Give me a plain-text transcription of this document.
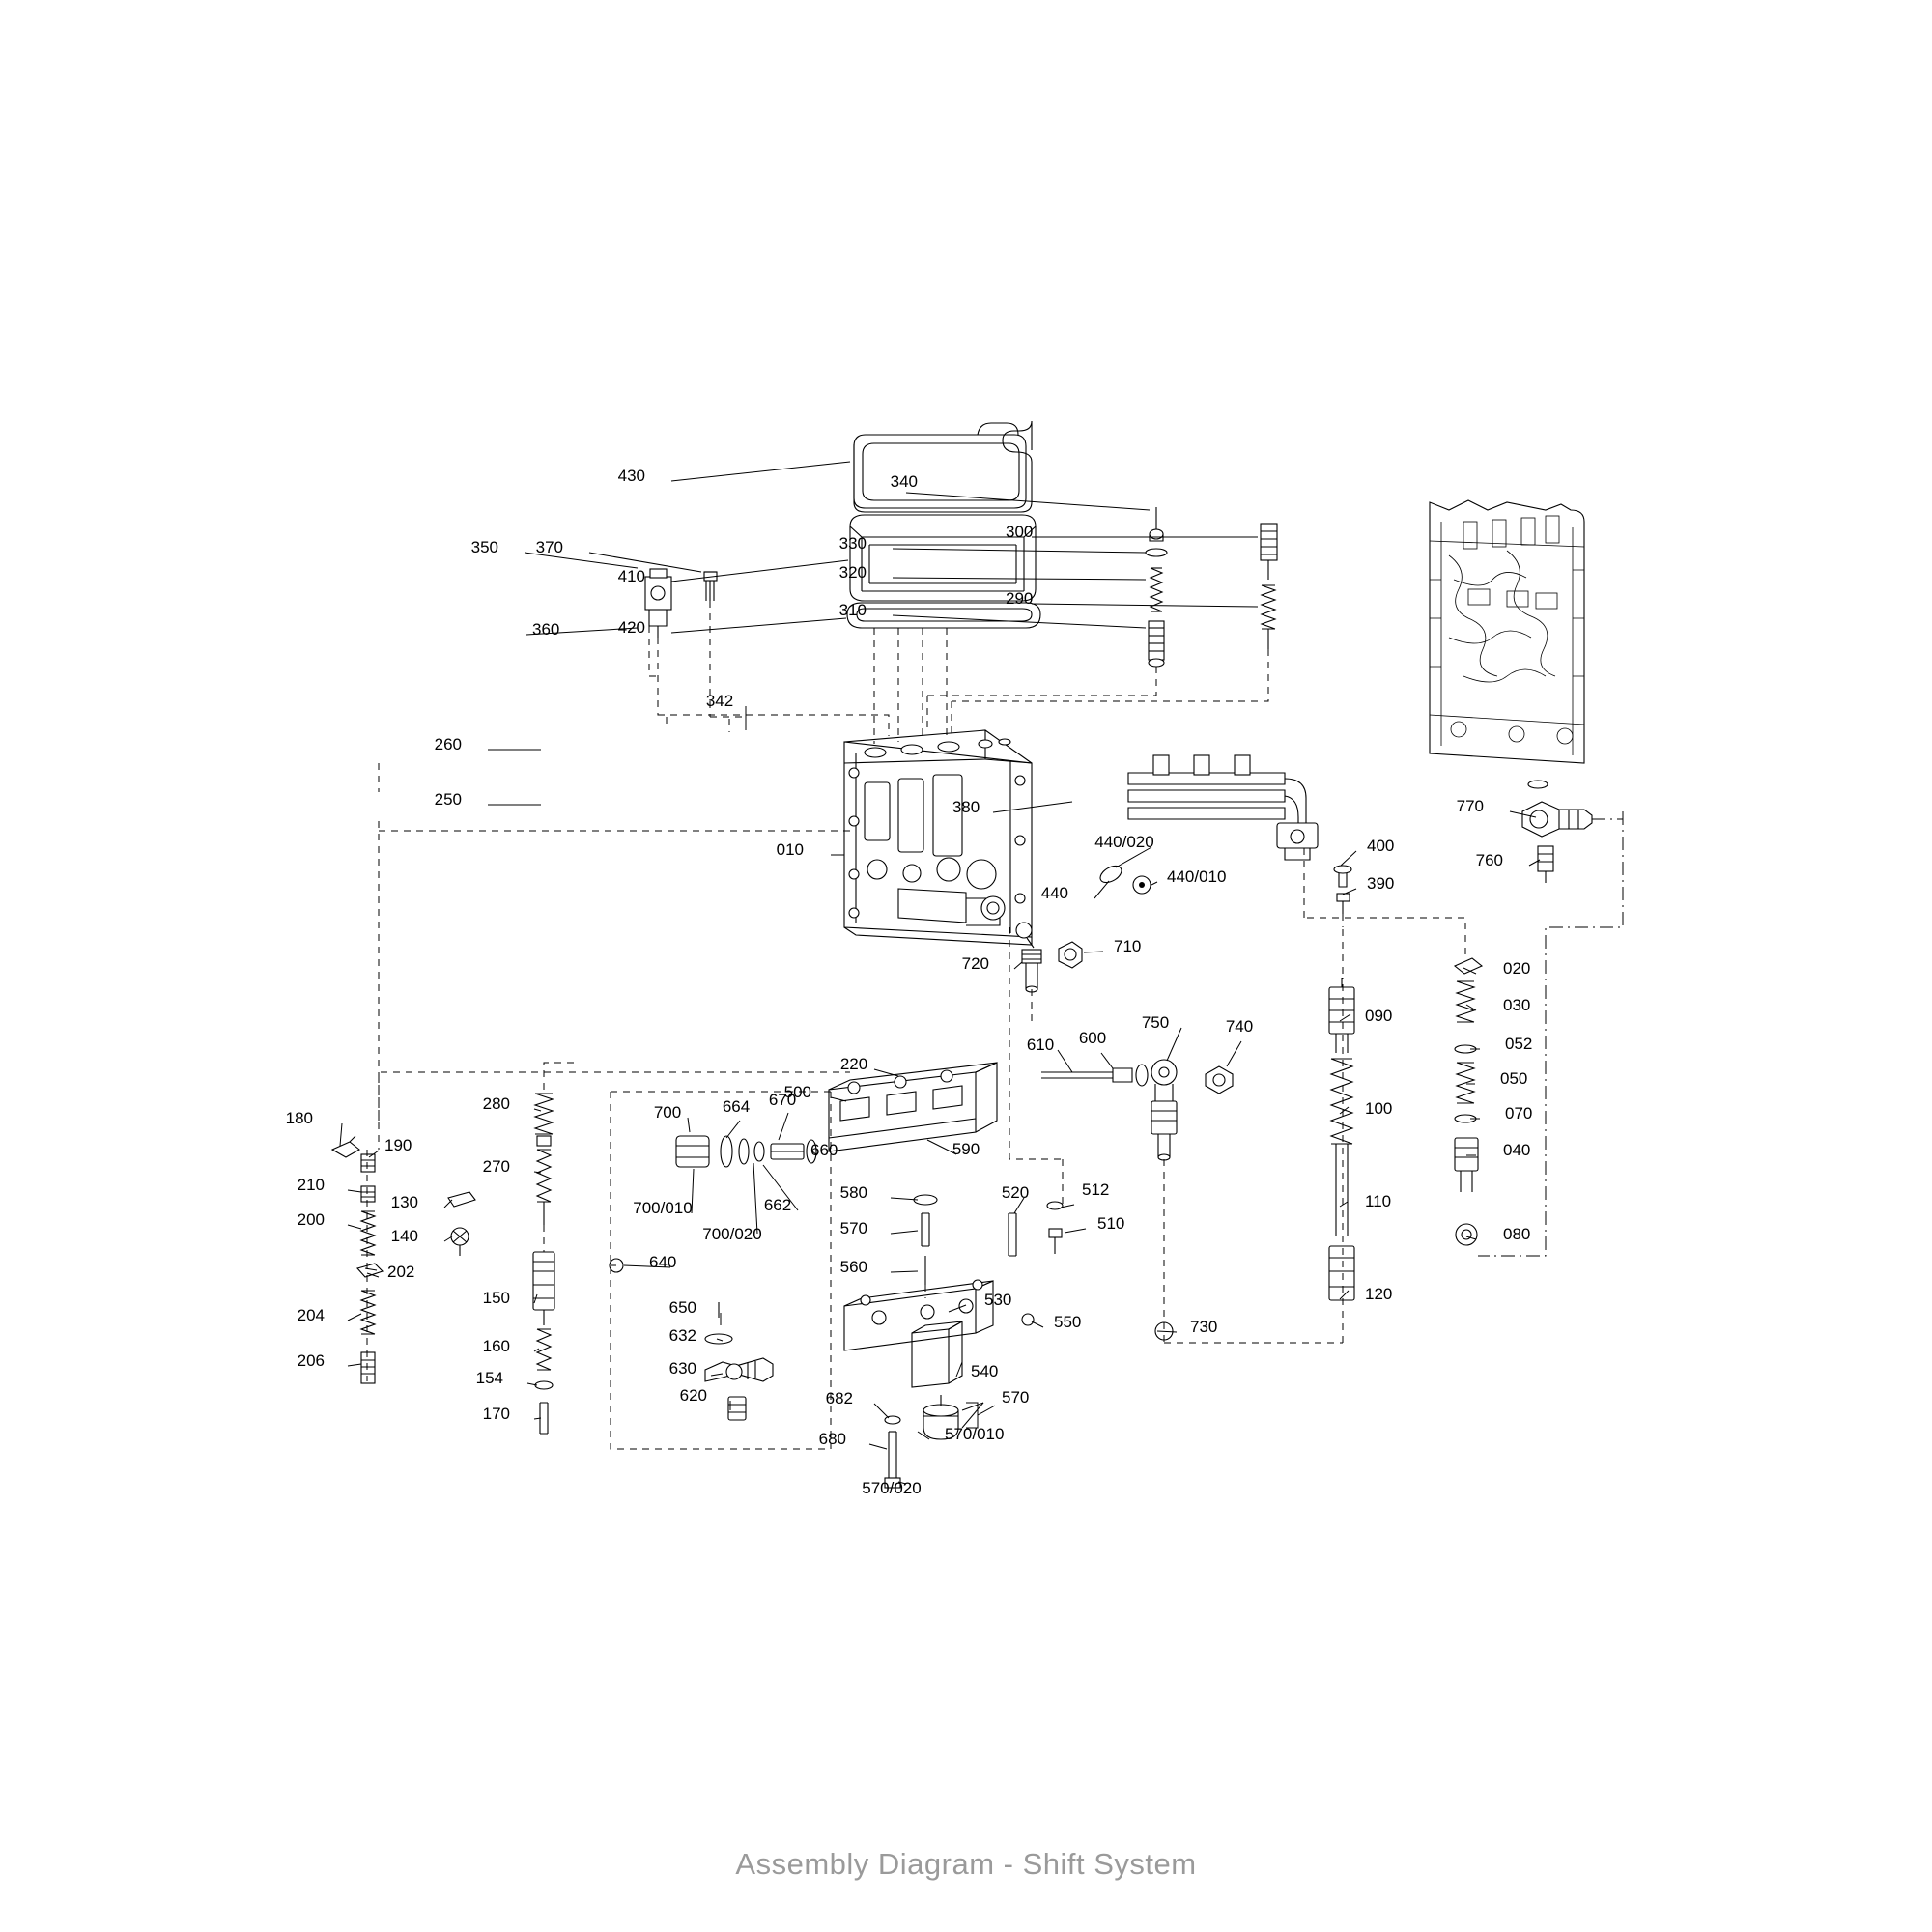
430	340
350 370	330
300
410	320
290
310
360	420
342
260
380
250	770
010	440/020	400
440/010
760
440
390
710
720	020
090
030
750	740
052
610 600
220
050
500
280	700	664 670	100	070
180
190	660	590	040
270
210
662
580	520	512
110
700/010
130
200	510
700/020
140	570	080
640
202	560
120
150
204	650	530
550	730
632
160
206	630	540
154
620	682	570
170
680	570/010
570/020
Assembly Diagram - Shift System
